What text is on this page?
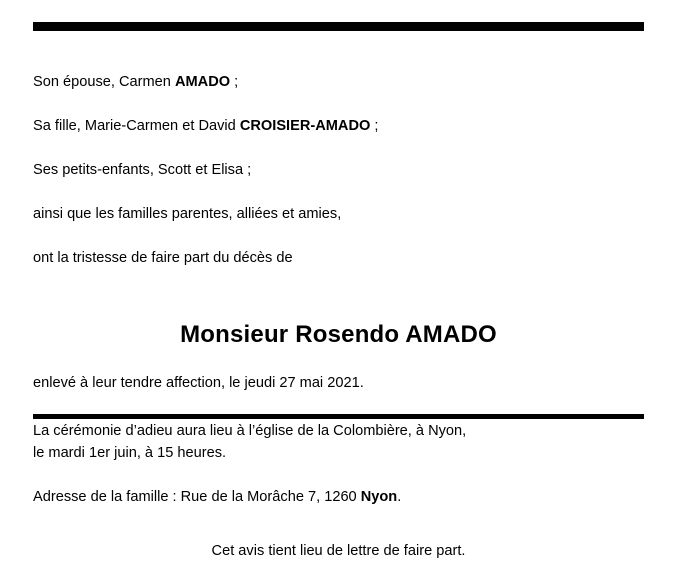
Son épouse, Carmen AMADO ;

Sa fille, Marie-Carmen et David CROISIER-AMADO ;

Ses petits-enfants, Scott et Elisa ;

ainsi que les familles parentes, alliées et amies,

ont la tristesse de faire part du décès de

Monsieur Rosendo AMADO
enlevé à leur tendre affection, le jeudi 27 mai 2021.
La cérémonie d’adieu aura lieu à l’église de la Colombière, à Nyon,
le mardi 1er juin, à 15 heures.
Adresse de la famille : Rue de la Morâche 7, 1260 Nyon.
Cet avis tient lieu de lettre de faire part.
